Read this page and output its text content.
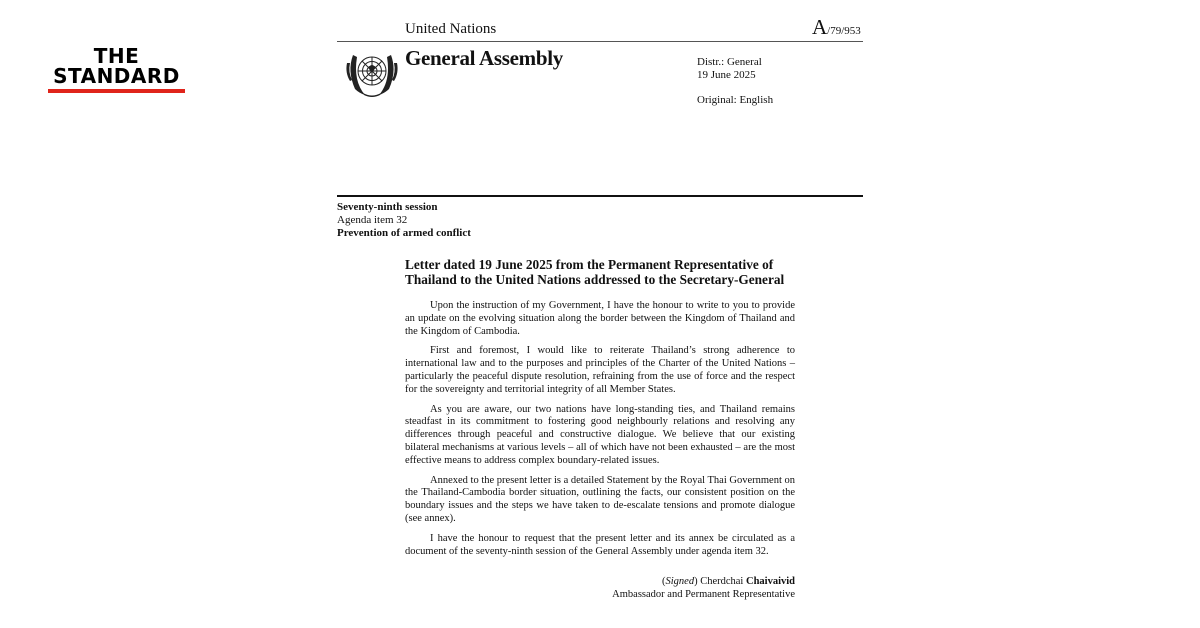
THE
STANDARD
United Nations	A/79/953
General Assembly	Distr.: General
19 June 2025
Original: English
Seventy-ninth session
Agenda item 32
Prevention of armed conflict
Letter dated 19 June 2025 from the Permanent Representative of Thailand to the United Nations addressed to the Secretary-General

Upon the instruction of my Government, I have the honour to write to you to provide an update on the evolving situation along the border between the Kingdom of Thailand and the Kingdom of Cambodia.

First and foremost, I would like to reiterate Thailand’s strong adherence to international law and to the purposes and principles of the Charter of the United Nations – particularly the peaceful dispute resolution, refraining from the use of force and the respect for the sovereignty and territorial integrity of all Member States.

As you are aware, our two nations have long-standing ties, and Thailand remains steadfast in its commitment to fostering good neighbourly relations and resolving any differences through peaceful and constructive dialogue. We believe that our existing bilateral mechanisms at various levels – all of which have not been exhausted – are the most effective means to address complex boundary-related issues.

Annexed to the present letter is a detailed Statement by the Royal Thai Government on the Thailand-Cambodia border situation, outlining the facts, our consistent position on the boundary issues and the steps we have taken to de-escalate tensions and promote dialogue (see annex).

I have the honour to request that the present letter and its annex be circulated as a document of the seventy-ninth session of the General Assembly under agenda item 32.

(Signed) Cherdchai Chaivaivid
Ambassador and Permanent Representative
